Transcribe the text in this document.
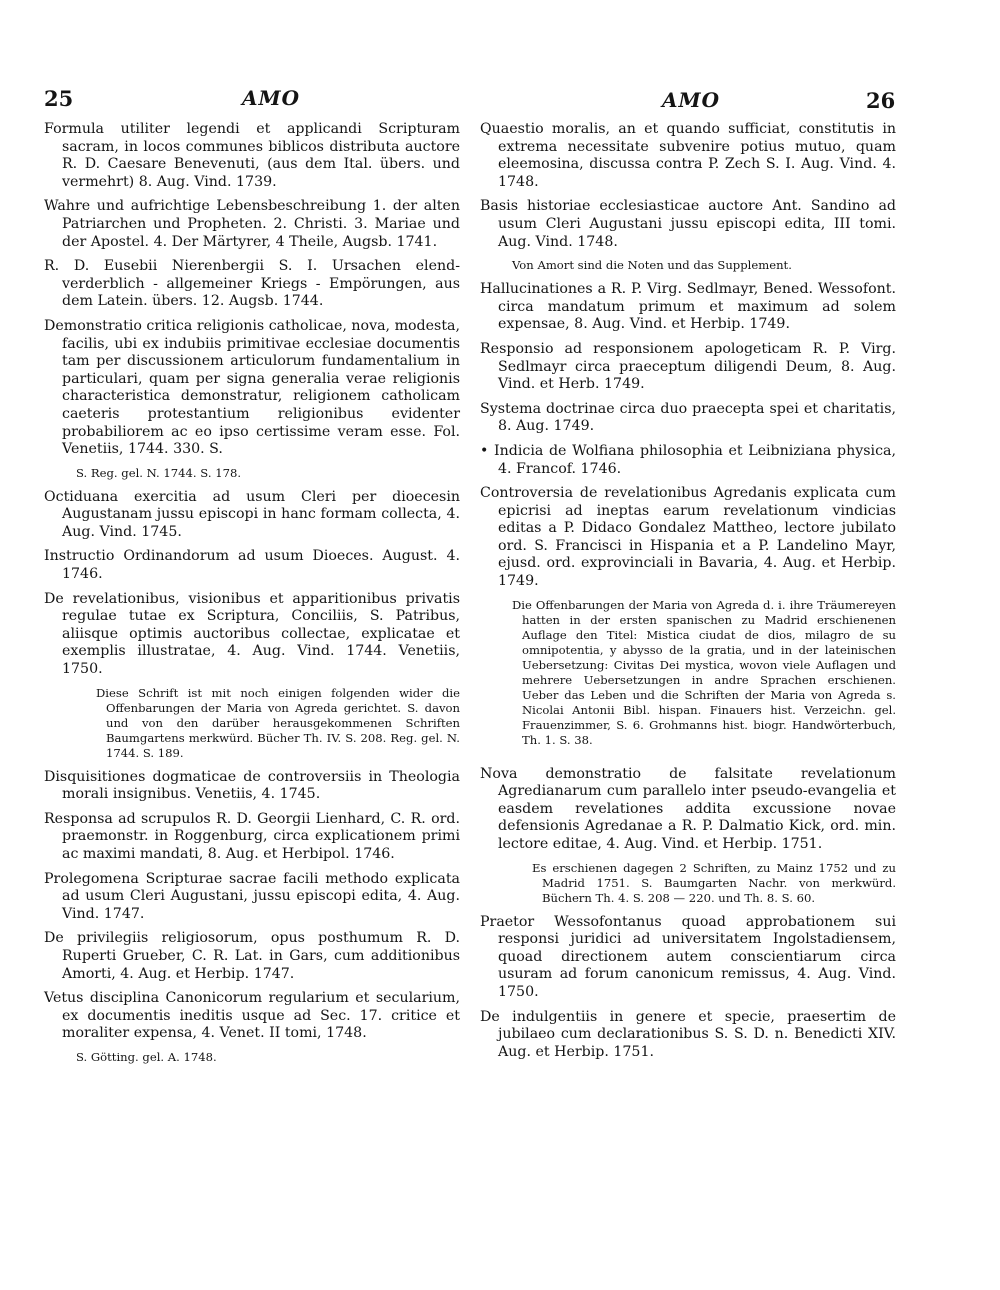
25	AMO	AMO	26
Formula utiliter legendi et applicandi Scripturam sacram, in locos communes biblicos distributa auctore R. D. Caesare Benevenuti, (aus dem Ital. übers. und vermehrt) 8. Aug. Vind. 1739.
Wahre und aufrichtige Lebensbeschreibung 1. der alten Patriarchen und Propheten. 2. Christi. 3. Mariae und der Apostel. 4. Der Märtyrer, 4 Theile, Augsb. 1741.
R. D. Eusebii Nierenbergii S. I. Ursachen elend-verderblich - allgemeiner Kriegs - Empörungen, aus dem Latein. übers. 12. Augsb. 1744.
Demonstratio critica religionis catholicae, nova, modesta, facilis, ubi ex indubiis primitivae ecclesiae documentis tam per discussionem articulorum fundamentalium in particulari, quam per signa generalia verae religionis characteristica demonstratur, religionem catholicam caeteris protestantium religionibus evidenter probabiliorem ac eo ipso certissime veram esse. Fol. Venetiis, 1744. 330. S.
S. Reg. gel. N. 1744. S. 178.
Octiduana exercitia ad usum Cleri per dioecesin Augustanam jussu episcopi in hanc formam collecta, 4. Aug. Vind. 1745.
Instructio Ordinandorum ad usum Dioeces. August. 4. 1746.
De revelationibus, visionibus et apparitionibus privatis regulae tutae ex Scriptura, Conciliis, S. Patribus, aliisque optimis auctoribus collectae, explicatae et exemplis illustratae, 4. Aug. Vind. 1744. Venetiis, 1750.
Diese Schrift ist mit noch einigen folgenden wider die Offenbarungen der Maria von Agreda gerichtet. S. davon und von den darüber herausgekommenen Schriften Baumgartens merkwürd. Bücher Th. IV. S. 208. Reg. gel. N. 1744. S. 189.
Disquisitiones dogmaticae de controversiis in Theologia morali insignibus. Venetiis, 4. 1745.
Responsa ad scrupulos R. D. Georgii Lienhard, C. R. ord. praemonstr. in Roggenburg, circa explicationem primi ac maximi mandati, 8. Aug. et Herbipol. 1746.
Prolegomena Scripturae sacrae facili methodo explicata ad usum Cleri Augustani, jussu episcopi edita, 4. Aug. Vind. 1747.
De privilegiis religiosorum, opus posthumum R. D. Ruperti Grueber, C. R. Lat. in Gars, cum additionibus Amorti, 4. Aug. et Herbip. 1747.
Vetus disciplina Canonicorum regularium et secularium, ex documentis ineditis usque ad Sec. 17. critice et moraliter expensa, 4. Venet. II tomi, 1748.
S. Götting. gel. A. 1748.
Quaestio moralis, an et quando sufficiat, constitutis in extrema necessitate subvenire potius mutuo, quam eleemosina, discussa contra P. Zech S. I. Aug. Vind. 4. 1748.
Basis historiae ecclesiasticae auctore Ant. Sandino ad usum Cleri Augustani jussu episcopi edita, III tomi. Aug. Vind. 1748.
Von Amort sind die Noten und das Supplement.
Hallucinationes a R. P. Virg. Sedlmayr, Bened. Wessofont. circa mandatum primum et maximum ad solem expensae, 8. Aug. Vind. et Herbip. 1749.
Responsio ad responsionem apologeticam R. P. Virg. Sedlmayr circa praeceptum diligendi Deum, 8. Aug. Vind. et Herb. 1749.
Systema doctrinae circa duo praecepta spei et charitatis, 8. Aug. 1749.
• Indicia de Wolfiana philosophia et Leibniziana physica, 4. Francof. 1746.
Controversia de revelationibus Agredanis explicata cum epicrisi ad ineptas earum revelationum vindicias editas a P. Didaco Gondalez Mattheo, lectore jubilato ord. S. Francisci in Hispania et a P. Landelino Mayr, ejusd. ord. exprovinciali in Bavaria, 4. Aug. et Herbip. 1749.
Die Offenbarungen der Maria von Agreda d. i. ihre Träumereyen hatten in der ersten spanischen zu Madrid erschienenen Auflage den Titel: Mistica ciudat de dios, milagro de su omnipotentia, y abysso de la gratia, und in der lateinischen Uebersetzung: Civitas Dei mystica, wovon viele Auflagen und mehrere Uebersetzungen in andre Sprachen erschienen. Ueber das Leben und die Schriften der Maria von Agreda s. Nicolai Antonii Bibl. hispan. Finauers hist. Verzeichn. gel. Frauenzimmer, S. 6. Grohmanns hist. biogr. Handwörterbuch, Th. 1. S. 38.
Nova demonstratio de falsitate revelationum Agredianarum cum parallelo inter pseudo-evangelia et easdem revelationes addita excussione novae defensionis Agredanae a R. P. Dalmatio Kick, ord. min. lectore editae, 4. Aug. Vind. et Herbip. 1751.
Es erschienen dagegen 2 Schriften, zu Mainz 1752 und zu Madrid 1751. S. Baumgarten Nachr. von merkwürd. Büchern Th. 4. S. 208 — 220. und Th. 8. S. 60.
Praetor Wessofontanus quoad approbationem sui responsi juridici ad universitatem Ingolstadiensem, quoad directionem autem conscientiarum circa usuram ad forum canonicum remissus, 4. Aug. Vind. 1750.
De indulgentiis in genere et specie, praesertim de jubilaeo cum declarationibus S. S. D. n. Benedicti XIV. Aug. et Herbip. 1751.
